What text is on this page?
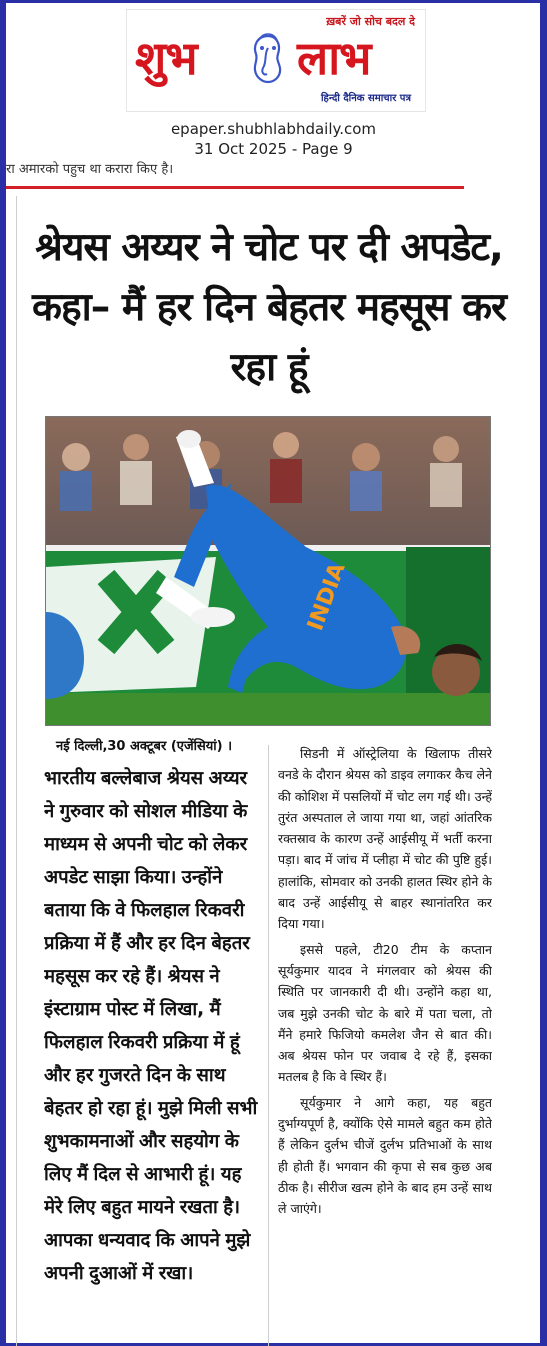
ख़बरें जो सोच बदल दे
शुभ लाभ
हिन्दी दैनिक समाचार पत्र
epaper.shubhlabhdaily.com
31 Oct 2025 - Page 9
रा अमारको पहुच था करारा किए है।
श्रेयस अय्यर ने चोट पर दी अपडेट, कहा– मैं हर दिन बेहतर महसूस कर रहा हूं
INDIA
नई दिल्ली,30 अक्टूबर (एजेंसियां) ।

भारतीय बल्लेबाज श्रेयस अय्यर ने गुरुवार को सोशल मीडिया के माध्यम से अपनी चोट को लेकर अपडेट साझा किया। उन्होंने बताया कि वे फिलहाल रिकवरी प्रक्रिया में हैं और हर दिन बेहतर महसूस कर रहे हैं। श्रेयस ने इंस्टाग्राम पोस्ट में लिखा, मैं फिलहाल रिकवरी प्रक्रिया में हूं और हर गुजरते दिन के साथ बेहतर हो रहा हूं। मुझे मिली सभी शुभकामनाओं और सहयोग के लिए मैं दिल से आभारी हूं। यह मेरे लिए बहुत मायने रखता है। आपका धन्यवाद कि आपने मुझे अपनी दुआओं में रखा।

सिडनी में ऑस्ट्रेलिया के खिलाफ तीसरे वनडे के दौरान श्रेयस को डाइव लगाकर कैच लेने की कोशिश में पसलियों में चोट लग गई थी। उन्हें तुरंत अस्पताल ले जाया गया था, जहां आंतरिक रक्तस्राव के कारण उन्हें आईसीयू में भर्ती करना पड़ा। बाद में जांच में प्लीहा में चोट की पुष्टि हुई। हालांकि, सोमवार को उनकी हालत स्थिर होने के बाद उन्हें आईसीयू से बाहर स्थानांतरित कर दिया गया।

इससे पहले, टी20 टीम के कप्तान सूर्यकुमार यादव ने मंगलवार को श्रेयस की स्थिति पर जानकारी दी थी। उन्होंने कहा था, जब मुझे उनकी चोट के बारे में पता चला, तो मैंने हमारे फिजियो कमलेश जैन से बात की। अब श्रेयस फोन पर जवाब दे रहे हैं, इसका मतलब है कि वे स्थिर हैं।

सूर्यकुमार ने आगे कहा, यह बहुत दुर्भाग्यपूर्ण है, क्योंकि ऐसे मामले बहुत कम होते हैं लेकिन दुर्लभ चीजें दुर्लभ प्रतिभाओं के साथ ही होती हैं। भगवान की कृपा से सब कुछ अब ठीक है। सीरीज खत्म होने के बाद हम उन्हें साथ ले जाएंगे।
